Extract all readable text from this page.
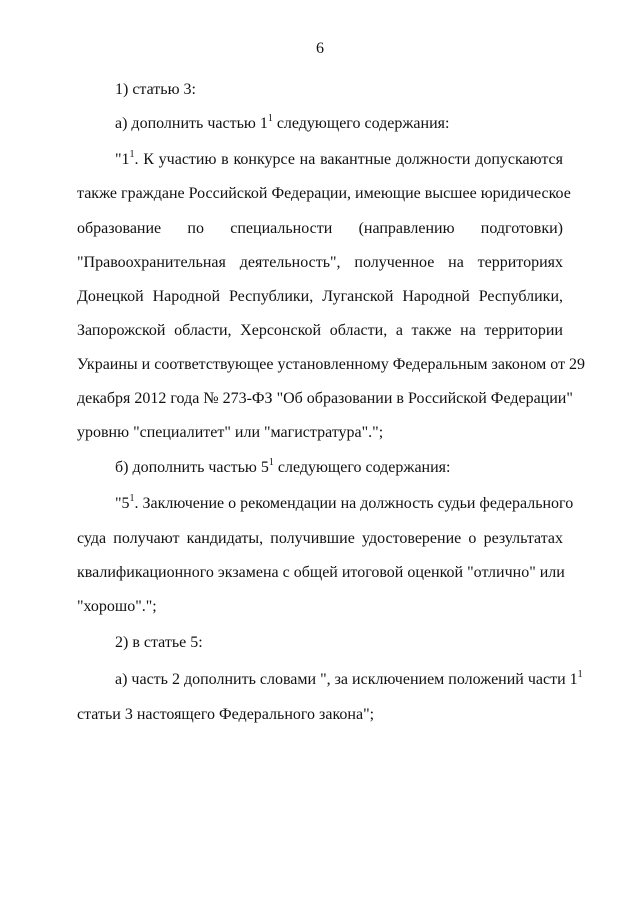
6
1) статью 3:
а) дополнить частью $1^1$ следующего содержания:
"$1^1$. К участию в конкурсе на вакантные должности допускаются
также граждане Российской Федерации, имеющие высшее юридическое
образование по специальности (направлению подготовки)
"Правоохранительная деятельность", полученное на территориях
Донецкой Народной Республики, Луганской Народной Республики,
Запорожской области, Херсонской области, а также на территории
Украины и соответствующее установленному Федеральным законом от 29
декабря 2012 года № 273-ФЗ "Об образовании в Российской Федерации"
уровню "специалитет" или "магистратура".";
б) дополнить частью $5^1$ следующего содержания:
"$5^1$. Заключение о рекомендации на должность судьи федерального
суда получают кандидаты, получившие удостоверение о результатах
квалификационного экзамена с общей итоговой оценкой "отлично" или
"хорошо".";
2) в статье 5:
а) часть 2 дополнить словами ", за исключением положений части $1^1$
статьи 3 настоящего Федерального закона";
